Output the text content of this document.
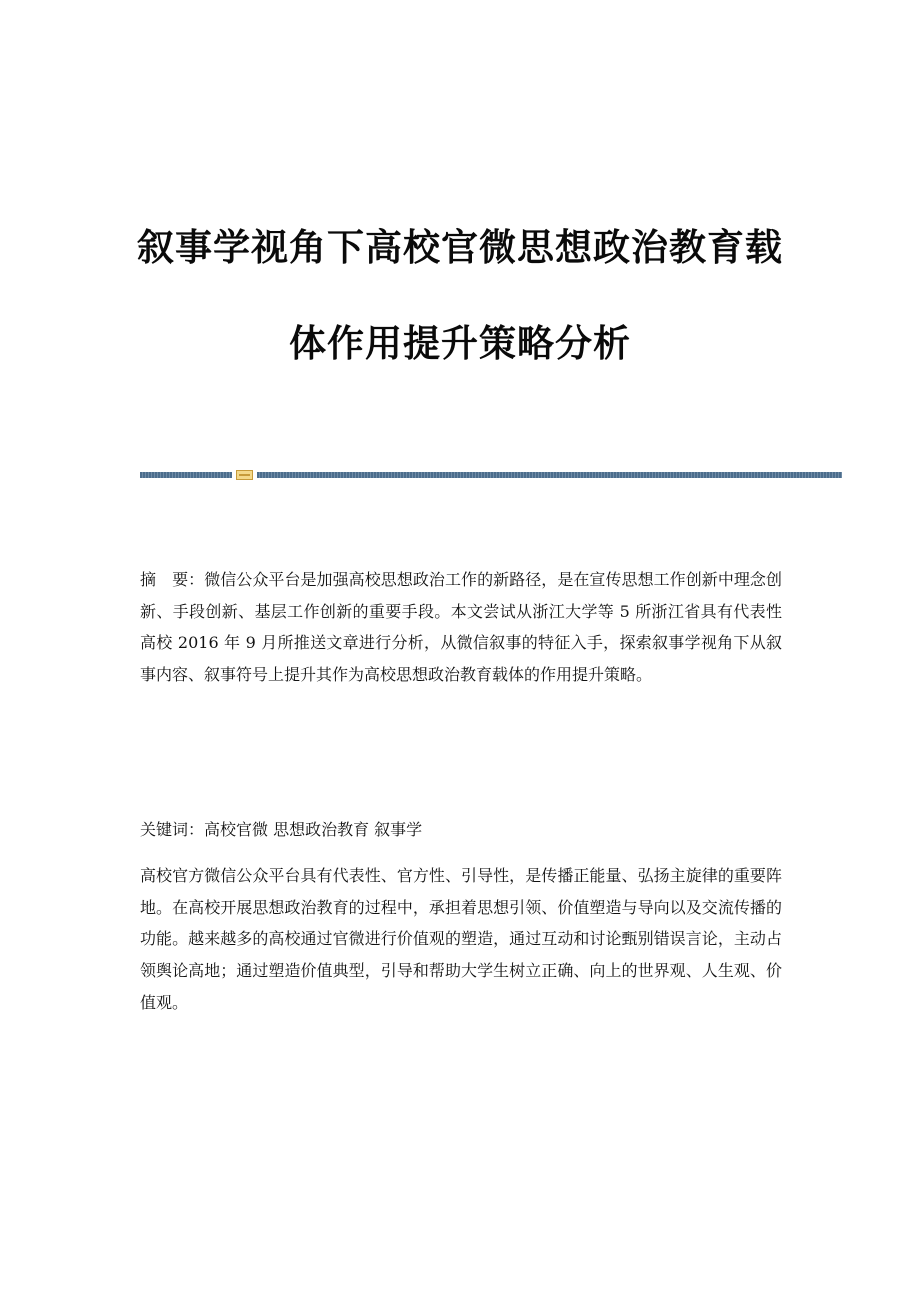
叙事学视角下高校官微思想政治教育载
体作用提升策略分析

摘　要：微信公众平台是加强高校思想政治工作的新路径，是在宣传思想工作创新中理念创新、手段创新、基层工作创新的重要手段。本文尝试从浙江大学等 5 所浙江省具有代表性高校 2016 年 9 月所推送文章进行分析，从微信叙事的特征入手，探索叙事学视角下从叙事内容、叙事符号上提升其作为高校思想政治教育载体的作用提升策略。

关键词：高校官微 思想政治教育 叙事学

高校官方微信公众平台具有代表性、官方性、引导性，是传播正能量、弘扬主旋律的重要阵地。在高校开展思想政治教育的过程中，承担着思想引领、价值塑造与导向以及交流传播的功能。越来越多的高校通过官微进行价值观的塑造，通过互动和讨论甄别错误言论，主动占领舆论高地；通过塑造价值典型，引导和帮助大学生树立正确、向上的世界观、人生观、价值观。
